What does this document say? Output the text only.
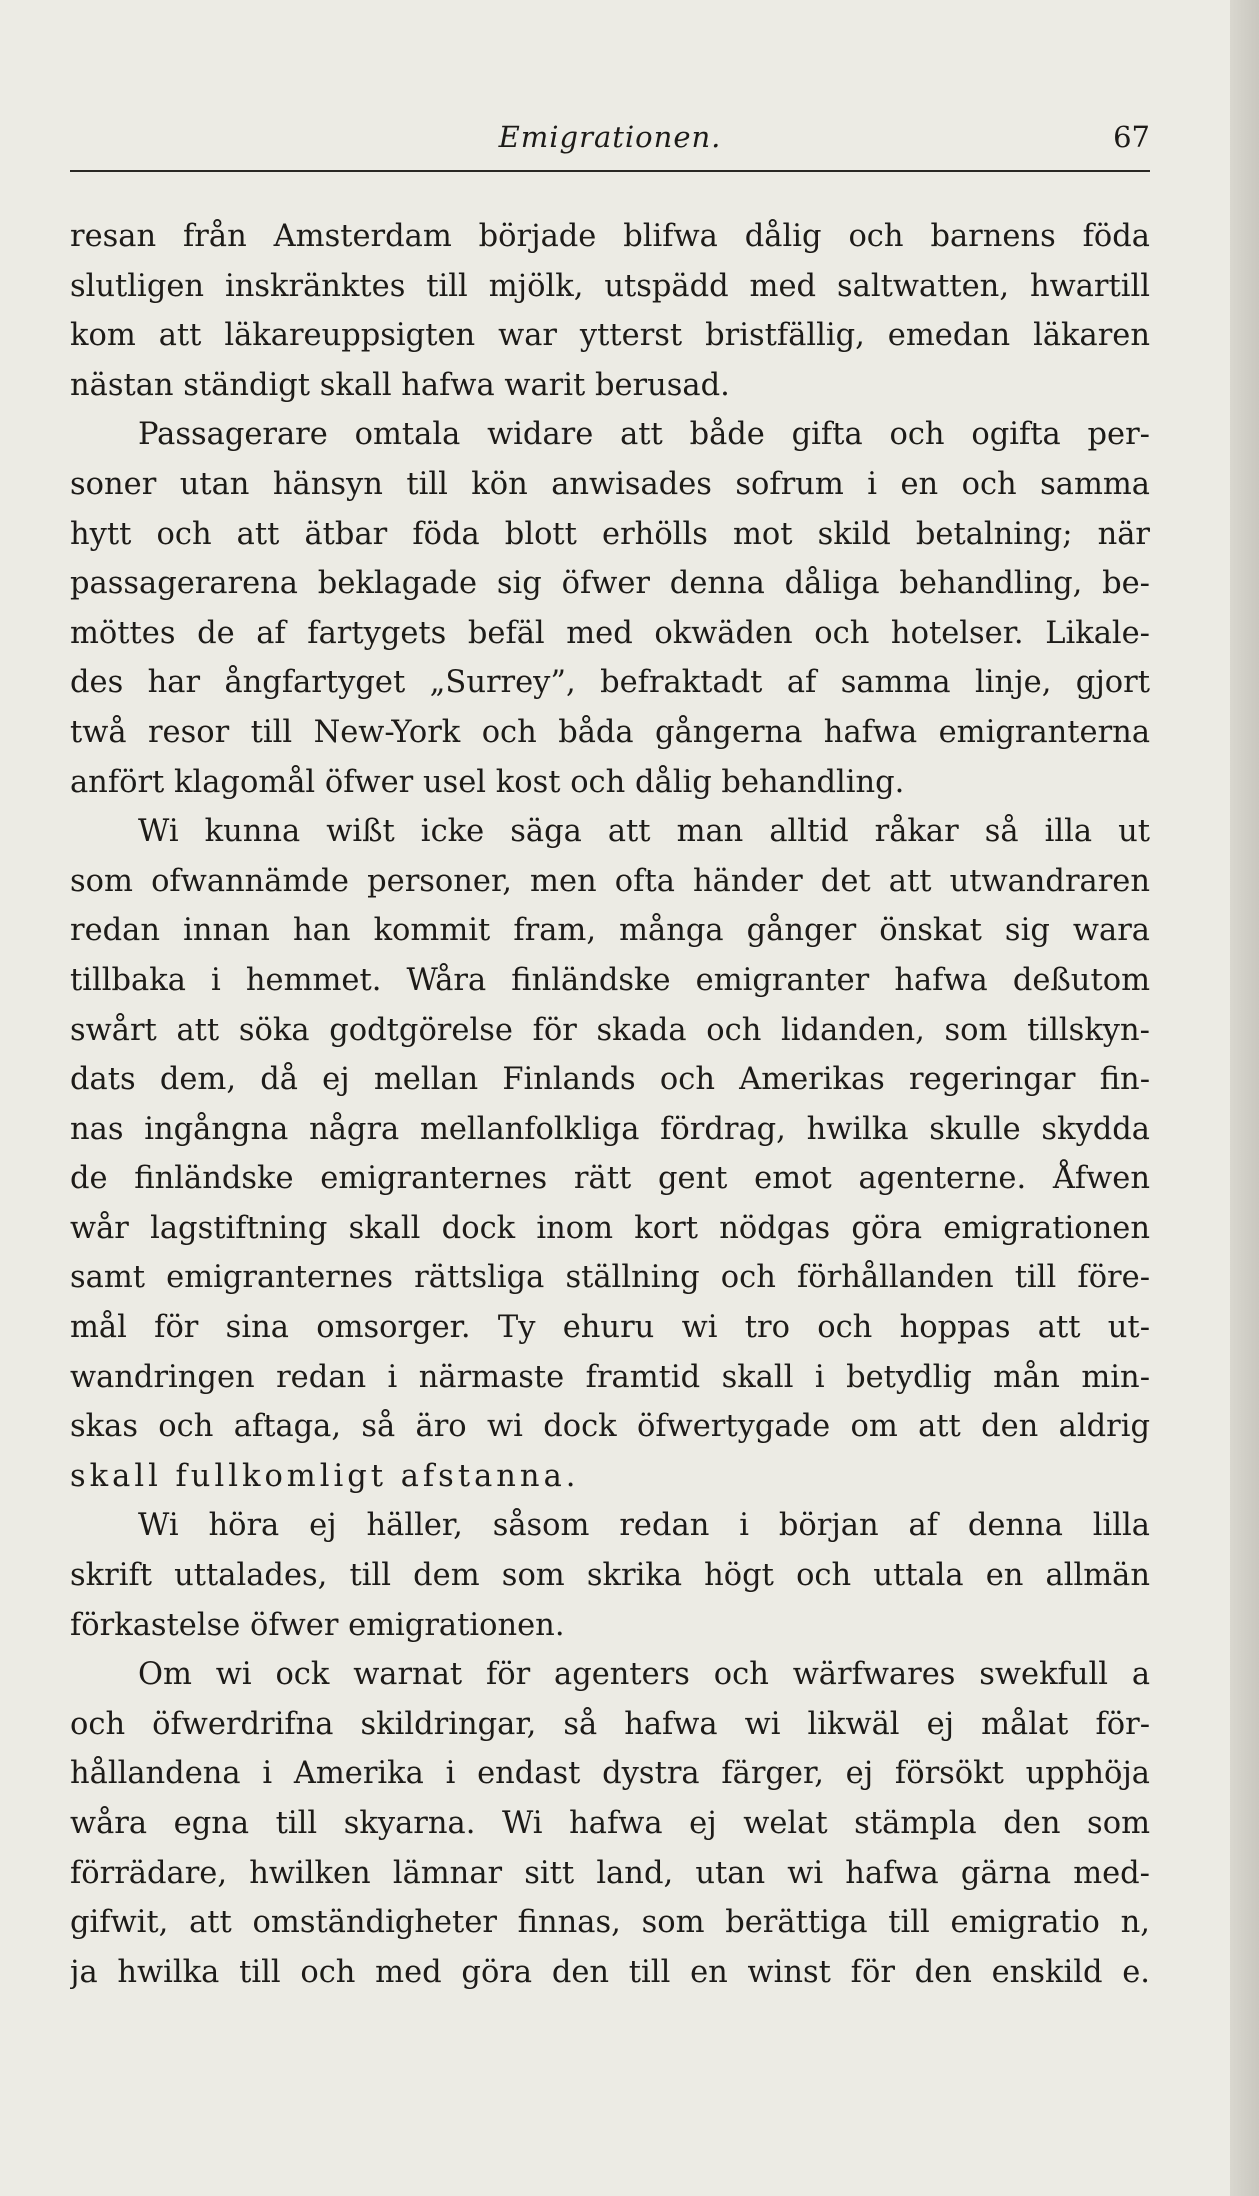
Emigrationen.	67
resan från Amsterdam började blifwa dålig och barnens föda
slutligen inskränktes till mjölk, utspädd med saltwatten, hwartill
kom att läkareuppsigten war ytterst bristfällig, emedan läkaren
nästan ständigt skall hafwa warit berusad.
Passagerare omtala widare att både gifta och ogifta per-
soner utan hänsyn till kön anwisades sofrum i en och samma
hytt och att ätbar föda blott erhölls mot skild betalning; när
passagerarena beklagade sig öfwer denna dåliga behandling, be-
möttes de af fartygets befäl med okwäden och hotelser. Likale-
des har ångfartyget „Surrey”, befraktadt af samma linje, gjort
twå resor till New-York och båda gångerna hafwa emigranterna
anfört klagomål öfwer usel kost och dålig behandling.
Wi kunna wißt icke säga att man alltid råkar så illa ut
som ofwannämde personer, men ofta händer det att utwandraren
redan innan han kommit fram, många gånger önskat sig wara
tillbaka i hemmet. Wåra finländske emigranter hafwa deßutom
swårt att söka godtgörelse för skada och lidanden, som tillskyn-
dats dem, då ej mellan Finlands och Amerikas regeringar fin-
nas ingångna några mellanfolkliga fördrag, hwilka skulle skydda
de finländske emigranternes rätt gent emot agenterne. Åfwen
wår lagstiftning skall dock inom kort nödgas göra emigrationen
samt emigranternes rättsliga ställning och förhållanden till före-
mål för sina omsorger. Ty ehuru wi tro och hoppas att ut-
wandringen redan i närmaste framtid skall i betydlig mån min-
skas och aftaga, så äro wi dock öfwertygade om att den aldrig
skall fullkomligt afstanna.
Wi höra ej häller, såsom redan i början af denna lilla
skrift uttalades, till dem som skrika högt och uttala en allmän
förkastelse öfwer emigrationen.
Om wi ock warnat för agenters och wärfwares swekfull a
och öfwerdrifna skildringar, så hafwa wi likwäl ej målat för-
hållandena i Amerika i endast dystra färger, ej försökt upphöja
wåra egna till skyarna. Wi hafwa ej welat stämpla den som
förrädare, hwilken lämnar sitt land, utan wi hafwa gärna med-
gifwit, att omständigheter finnas, som berättiga till emigratio n,
ja hwilka till och med göra den till en winst för den enskild e.
